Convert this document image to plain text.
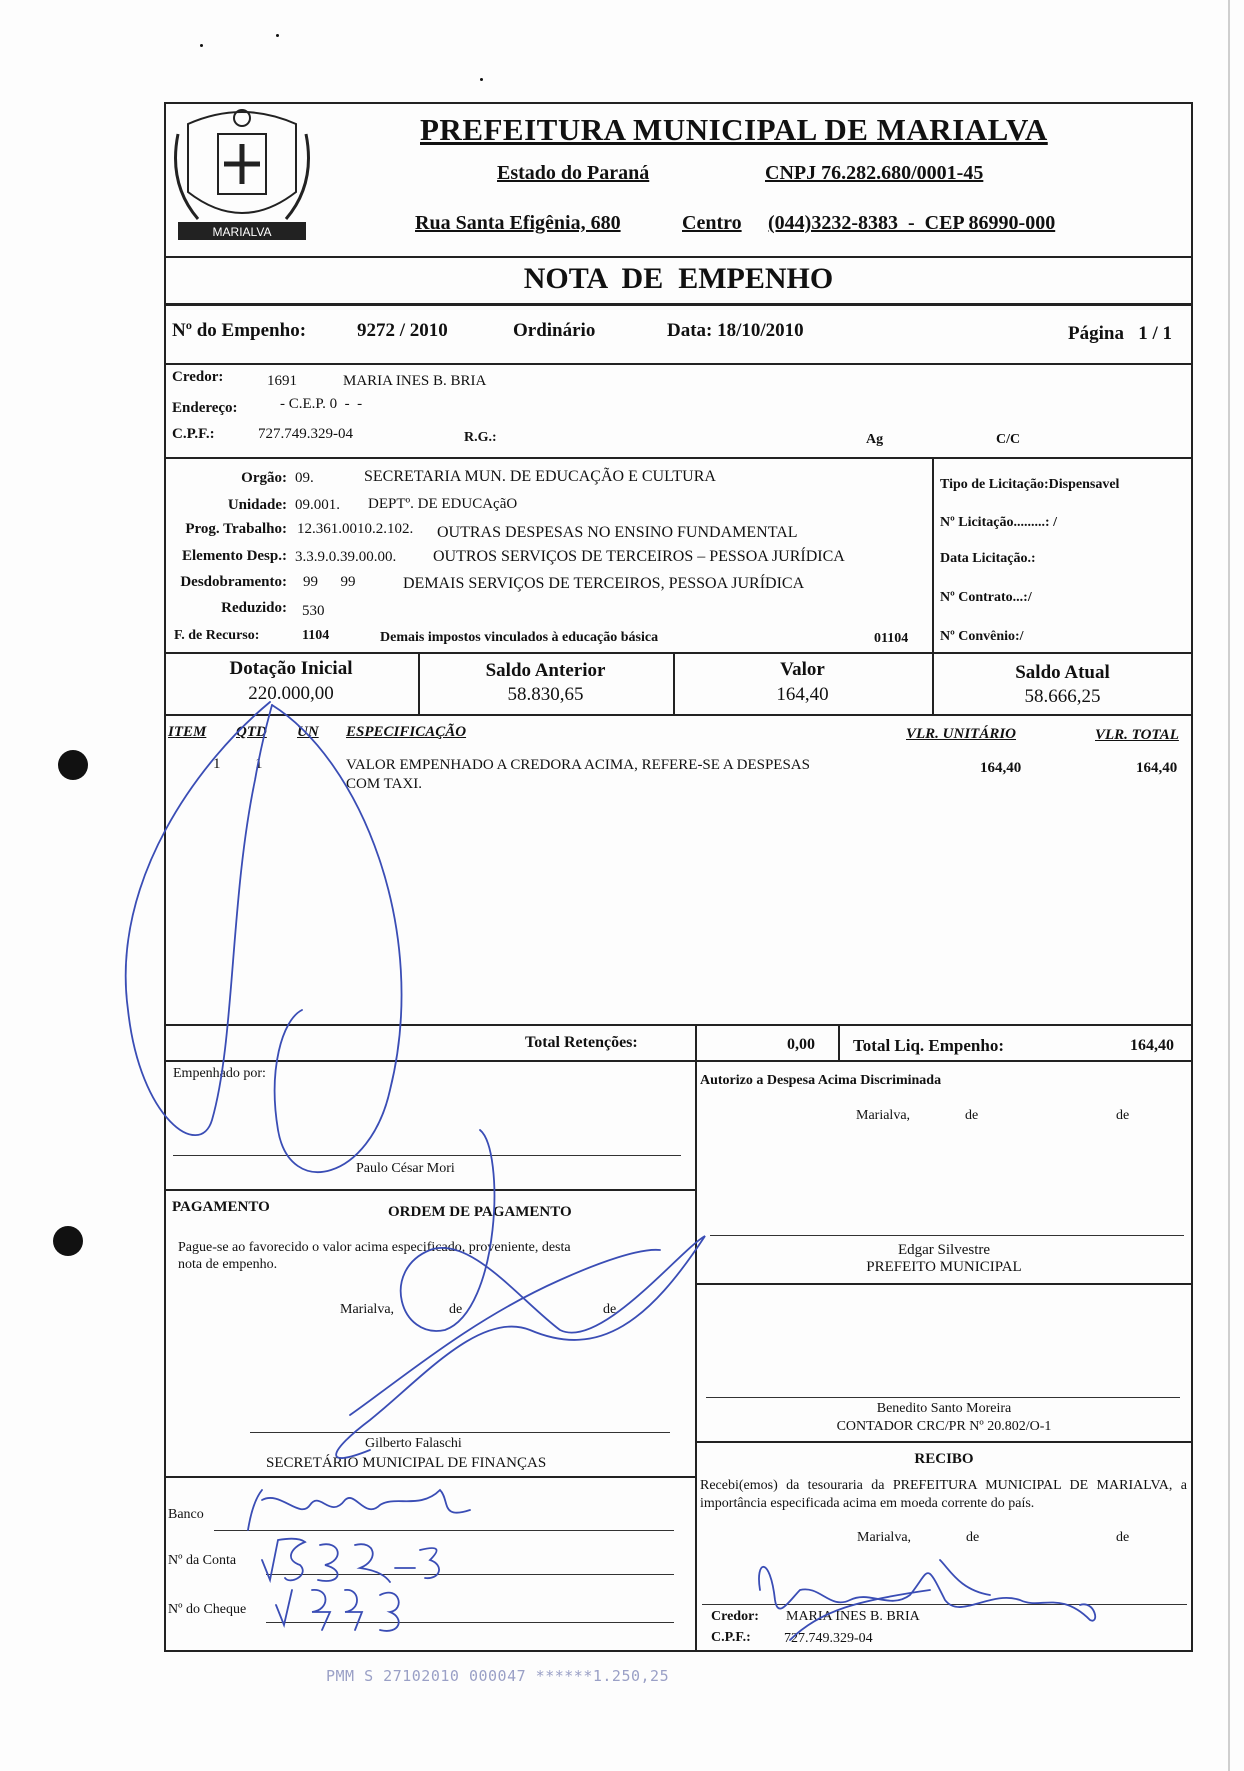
MARIALVA
PREFEITURA MUNICIPAL DE MARIALVA
Estado do Paraná	CNPJ 76.282.680/0001-45
Rua Santa Efigênia, 680	Centro (044)3232-8383  -  CEP 86990-000
NOTA  DE  EMPENHO
Nº do Empenho:	9272 / 2010	Ordinário	Data: 18/10/2010	Página   1 / 1
Credor:	1691	MARIA INES B. BRIA
Endereço:	- C.E.P. 0  -  -
C.P.F.:	727.749.329-04	R.G.:	Ag	C/C
Orgão: 09.	SECRETARIA MUN. DE EDUCAÇÃO E CULTURA
Unidade: 09.001. DEPTº. DE EDUCAçãO
Prog. Trabalho: 12.361.0010.2.102. OUTRAS DESPESAS NO ENSINO FUNDAMENTAL
Elemento Desp.: 3.3.9.0.39.00.00. OUTROS SERVIÇOS DE TERCEIROS – PESSOA JURÍDICA
Desdobramento: 99      99	DEMAIS SERVIÇOS DE TERCEIROS, PESSOA JURÍDICA
Reduzido: 530
F. de Recurso:	1104	Demais impostos vinculados à educação básica	01104
Tipo de Licitação:Dispensavel
Nº Licitação.........: /
Data Licitação.:
Nº Contrato...:/
Nº Convênio:/
Dotação Inicial
220.000,00
Saldo Anterior
58.830,65
Valor
164,40
Saldo Atual
58.666,25
ITEM QTD UN ESPECIFICAÇÃO	VLR. UNITÁRIO	VLR. TOTAL
1 1	VALOR EMPENHADO A CREDORA ACIMA, REFERE-SE A DESPESAS
COM TAXI.
164,40	164,40
Total Retenções:	0,00 Total Liq. Empenho:	164,40
Empenhado por:
Paulo César Mori
PAGAMENTO	ORDEM DE PAGAMENTO
Pague-se ao favorecido o valor acima especificado, proveniente, desta
nota de empenho.
Marialva,	de	de
Gilberto Falaschi
SECRETÁRIO MUNICIPAL DE FINANÇAS
Banco
Nº da Conta
Nº do Cheque
Autorizo a Despesa Acima Discriminada
Marialva,	de	de
Edgar Silvestre
PREFEITO MUNICIPAL
Benedito Santo Moreira
CONTADOR CRC/PR Nº 20.802/O-1
RECIBO
Recebi(emos) da tesouraria da PREFEITURA MUNICIPAL DE MARIALVA, a importância especificada acima em moeda corrente do país.
Marialva,	de	de
Credor: MARIA INES B. BRIA
C.P.F.: 727.749.329-04
PMM S 27102010 000047 ******1.250,25
